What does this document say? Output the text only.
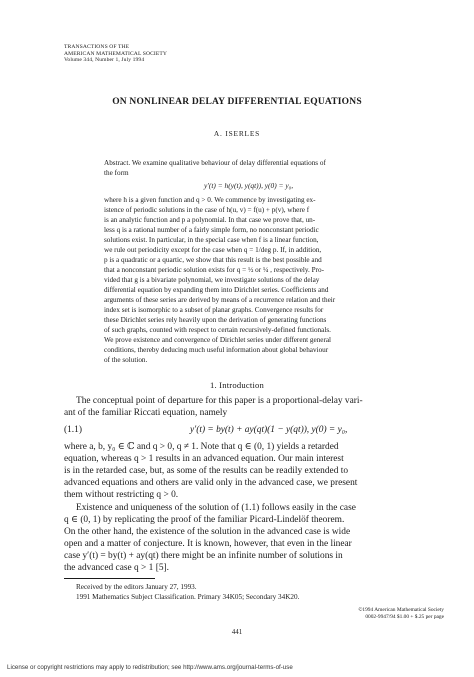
TRANSACTIONS OF THE
AMERICAN MATHEMATICAL SOCIETY
Volume 344, Number 1, July 1994
ON NONLINEAR DELAY DIFFERENTIAL EQUATIONS
A. ISERLES
Abstract. We examine qualitative behaviour of delay differential equations of
the form
y′(t) = h(y(t), y(qt)), y(0) = y₀,
where h is a given function and q > 0. We commence by investigating ex-
istence of periodic solutions in the case of h(u, v) = f(u) + p(v), where f
is an analytic function and p a polynomial. In that case we prove that, un-
less q is a rational number of a fairly simple form, no nonconstant periodic
solutions exist. In particular, in the special case when f is a linear function,
we rule out periodicity except for the case when q = 1/deg p. If, in addition,
p is a quadratic or a quartic, we show that this result is the best possible and
that a nonconstant periodic solution exists for q = ½ or ¼ , respectively. Pro-
vided that g is a bivariate polynomial, we investigate solutions of the delay
differential equation by expanding them into Dirichlet series. Coefficients and
arguments of these series are derived by means of a recurrence relation and their
index set is isomorphic to a subset of planar graphs. Convergence results for
these Dirichlet series rely heavily upon the derivation of generating functions
of such graphs, counted with respect to certain recursively-defined functionals.
We prove existence and convergence of Dirichlet series under different general
conditions, thereby deducing much useful information about global behaviour
of the solution.
1. Introduction
The conceptual point of departure for this paper is a proportional-delay vari-
ant of the familiar Riccati equation, namely
(1.1)	y′(t) = by(t) + ay(qt)(1 − y(qt)), y(0) = y₀,
where a, b, y₀ ∈ ℂ and q > 0, q ≠ 1. Note that q ∈ (0, 1) yields a retarded
equation, whereas q > 1 results in an advanced equation. Our main interest
is in the retarded case, but, as some of the results can be readily extended to
advanced equations and others are valid only in the advanced case, we present
them without restricting q > 0.
Existence and uniqueness of the solution of (1.1) follows easily in the case
q ∈ (0, 1) by replicating the proof of the familiar Picard-Lindelöf theorem.
On the other hand, the existence of the solution in the advanced case is wide
open and a matter of conjecture. It is known, however, that even in the linear
case y′(t) = by(t) + ay(qt) there might be an infinite number of solutions in
the advanced case q > 1 [5].
Received by the editors January 27, 1993.
1991 Mathematics Subject Classification. Primary 34K05; Secondary 34K20.
©1994 American Mathematical Society
0002-9947/94 $1.00 + $.25 per page
441
License or copyright restrictions may apply to redistribution; see http://www.ams.org/journal-terms-of-use
